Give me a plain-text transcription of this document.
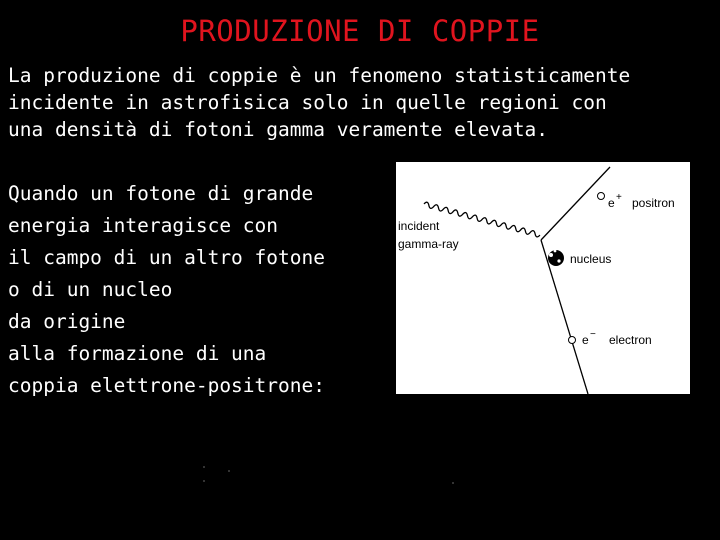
PRODUZIONE DI COPPIE
La produzione di coppie è un fenomeno statisticamente
incidente in astrofisica solo in quelle regioni con
una densità di fotoni gamma veramente elevata.
Quando un fotone di grande
energia interagisce con
il campo di un altro fotone
o di un nucleo
da origine
alla formazione di una
coppia elettrone-positrone:
incident
gamma-ray
nucleus
e + positron
e − electron
